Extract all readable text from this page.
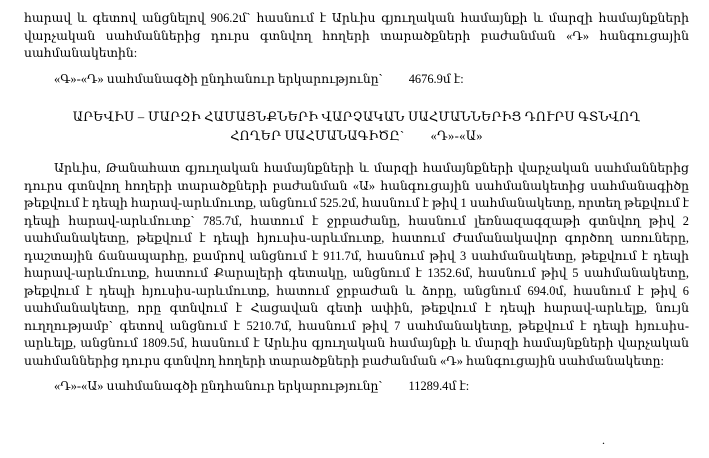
հարավ և գետով անցնելով 906.2մ` հասնում է Արևիս գյուղական համայնքի և մարզի համայնքների վարչական սահմաններից դուրս գտնվող հողերի տարածքների բաժանման «Դ» հանգուցային սահմանակետին:

«Գ»-«Դ» սահմանագծի ընդհանուր երկարությունը` 4676.9մ է:

ԱՐԵՎԻՍ – ՄԱՐԶԻ ՀԱՄԱՅՆՔՆԵՐԻ ՎԱՐՉԱԿԱՆ ՍԱՀՄԱՆՆԵՐԻՑ ԴՈՒՐՍ ԳՏՆՎՈՂ
ՀՈՂԵՐ ՍԱՀՄԱՆԱԳԻԾԸ` «Դ»-«Ա»

Արևիս, Թանահատ գյուղական համայնքների և մարզի համայնքների վարչական սահմաններից դուրս գտնվող հողերի տարածքների բաժանման «Ա» հանգուցային սահմանակետից սահմանագիծը թեքվում է դեպի հարավ-արևմուտք, անցնում 525.2մ, հասնում է թիվ 1 սահմանակետը, որտեղ թեքվում է դեպի հարավ-արևմուտք` 785.7մ, հատում է ջրբաժանը, հասնում լեռնազագզաթի գտնվող թիվ 2 սահմանակետը, թեքվում է դեպի հյուսիս-արևմուտք, հատում Ժամանակավոր գործող առուները, դաշտային ճանապարհը, քամրով անցնում է 911.7մ, հասնում թիվ 3 սահմանակետը, թեքվում է դեպի հարավ-արևմուտք, հատում Քարալերի գետակը, անցնում է 1352.6մ, հասնում թիվ 5 սահմանակետը, թեքվում է դեպի հյուսիս-արևմուտք, հատում ջրբաժան և ձորը, անցնում 694.0մ, հասնում է թիվ 6 սահմանակետը, որը գտնվում է Հացավան գետի ափին, թեքվում է դեպի հարավ-արևելք, նույն ուղղությամբ` գետով անցնում է 5210.7մ, հասնում թիվ 7 սահմանակետը, թեքվում է դեպի հյուսիս-արևելք, անցնում 1809.5մ, հասնում է Արևիս գյուղական համայնքի և մարզի համայնքների վարչական սահմաններից դուրս գտնվող հողերի տարածքների բաժանման «Դ» հանգուցային սահմանակետը:

«Դ»-«Ա» սահմանագծի ընդհանուր երկարությունը` 11289.4մ է:

.
